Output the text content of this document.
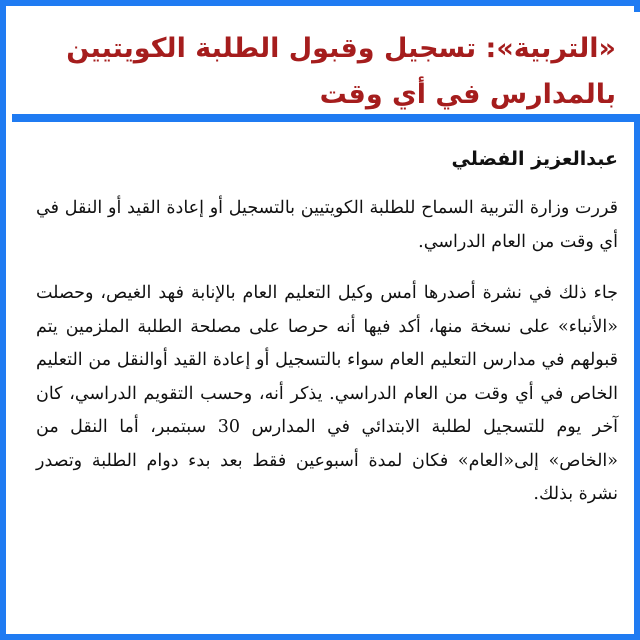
«التربية»: تسجيل وقبول الطلبة الكويتيين
بالمدارس في أي وقت

عبدالعزيز الفضلي

قررت وزارة التربية السماح للطلبة الكويتيين بالتسجيل أو إعادة القيد أو النقل في أي وقت من العام الدراسي.

جاء ذلك في نشرة أصدرها أمس وكيل التعليم العام بالإنابة فهد الغيص، وحصلت «الأنباء» على نسخة منها، أكد فيها أنه حرصا على مصلحة الطلبة الملزمين يتم قبولهم في مدارس التعليم العام سواء بالتسجيل أو إعادة القيد أوالنقل من التعليم الخاص في أي وقت من العام الدراسي. يذكر أنه، وحسب التقويم الدراسي، كان آخر يوم للتسجيل لطلبة الابتدائي في المدارس 30 سبتمبر، أما النقل من «الخاص» إلى«العام» فكان لمدة أسبوعين فقط بعد بدء دوام الطلبة وتصدر نشرة بذلك.
